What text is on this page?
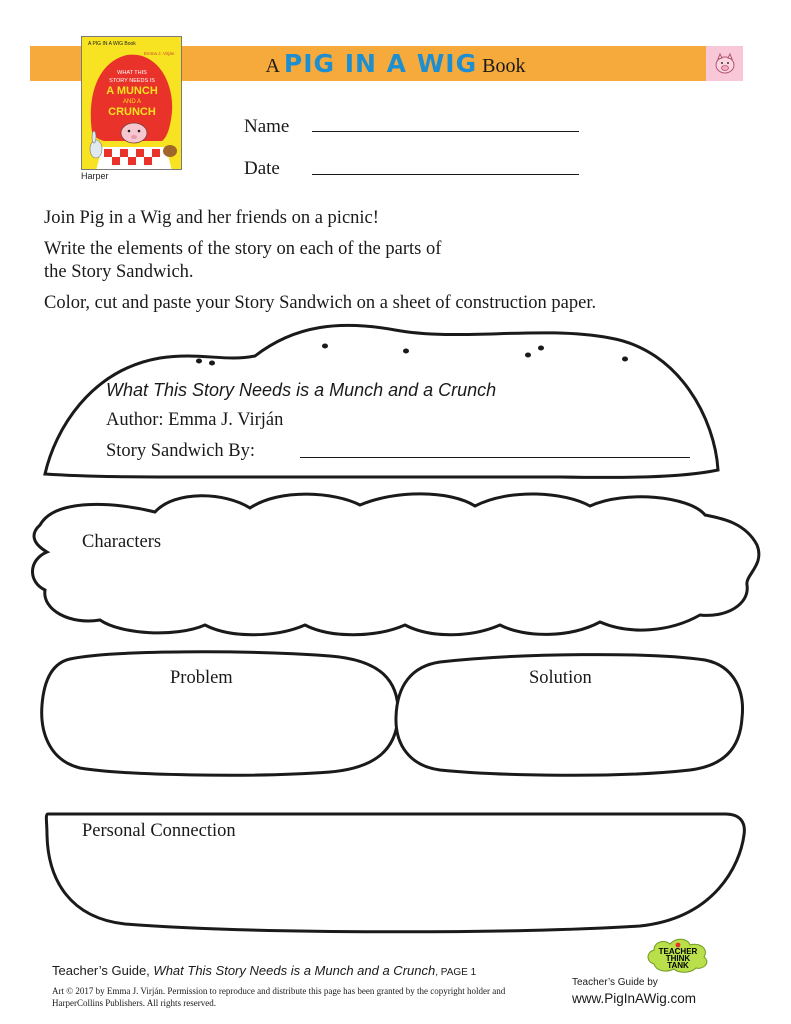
A PIG IN A WIG Book
A PIG IN A WIG Book
Emma J. Virján
WHAT THIS
STORY NEEDS IS
A MUNCH
AND A
CRUNCH
Harper
Name
Date
Join Pig in a Wig and her friends on a picnic!
Write the elements of the story on each of the parts of
the Story Sandwich.
Color, cut and paste your Story Sandwich on a sheet of construction paper.
What This Story Needs is a Munch and a Crunch
Author: Emma J. Virján
Story Sandwich By:
Characters
Problem	Solution
Personal Connection
Teacher’s Guide, What This Story Needs is a Munch and a Crunch, PAGE 1
Art © 2017 by Emma J. Virján. Permission to reproduce and distribute this page has been granted by the copyright holder and HarperCollins Publishers. All rights reserved.
TEACHER
THINK
TANK
Teacher’s Guide by
www.PigInAWig.com
